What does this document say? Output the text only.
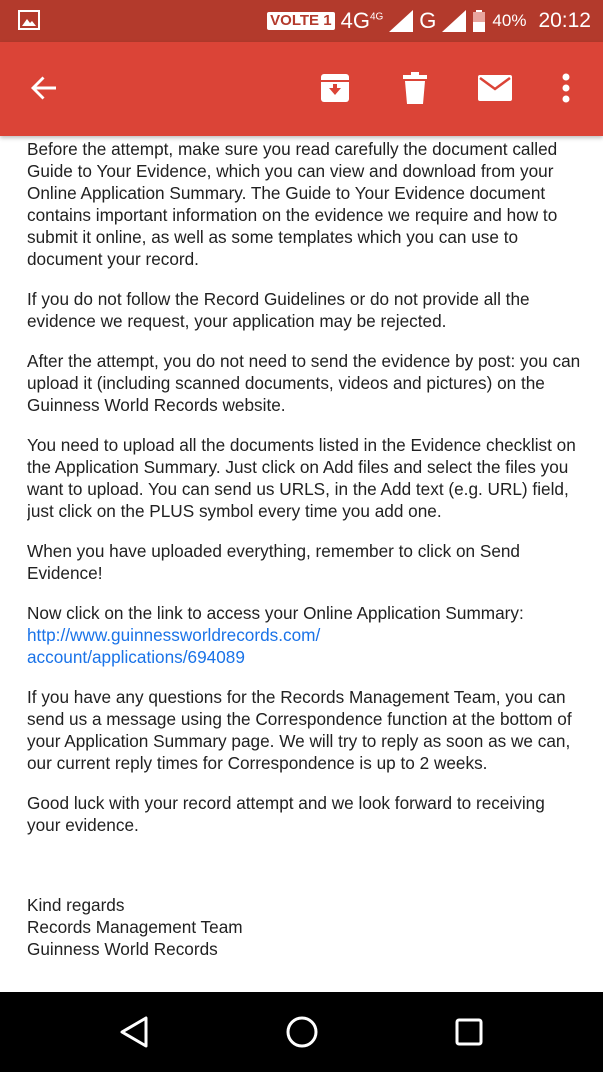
VOLTE 1 $4G^{4G}$ G	40% 20:12

Before the attempt, make sure you read carefully the document called Guide to Your Evidence, which you can view and download from your Online Application Summary. The Guide to Your Evidence document contains important information on the evidence we require and how to submit it online, as well as some templates which you can use to document your record.

If you do not follow the Record Guidelines or do not provide all the evidence we request, your application may be rejected.

After the attempt, you do not need to send the evidence by post: you can upload it (including scanned documents, videos and pictures) on the Guinness World Records website.

You need to upload all the documents listed in the Evidence checklist on the Application Summary. Just click on Add files and select the files you want to upload. You can send us URLS, in the Add text (e.g. URL) field, just click on the PLUS symbol every time you add one.

When you have uploaded everything, remember to click on Send Evidence!

Now click on the link to access your Online Application Summary:
http://www.guinnessworldrecords.com/
account/applications/694089

If you have any questions for the Records Management Team, you can send us a message using the Correspondence function at the bottom of your Application Summary page. We will try to reply as soon as we can, our current reply times for Correspondence is up to 2 weeks.

Good luck with your record attempt and we look forward to receiving your evidence.

Kind regards

Records Management Team

Guinness World Records
